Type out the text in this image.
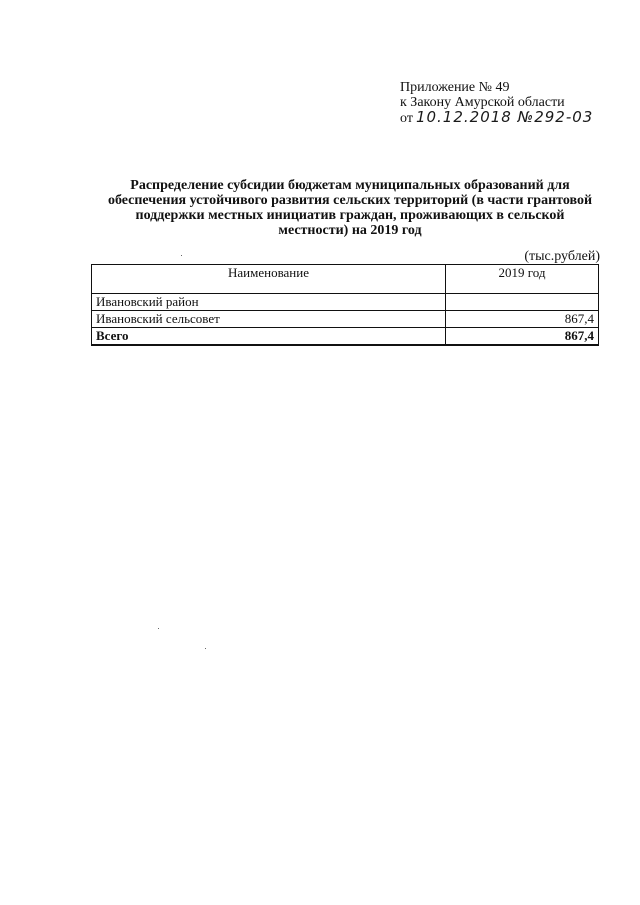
Приложение № 49
к Закону Амурской области
от 10.12.2018 №292-03
Распределение субсидии бюджетам муниципальных образований для обеспечения устойчивого развития сельских территорий (в части грантовой поддержки местных инициатив граждан, проживающих в сельской местности) на 2019 год
(тыс.рублей)
Наименование	2019 год
Ивановский район	
Ивановский сельсовет	867,4
Всего	867,4
